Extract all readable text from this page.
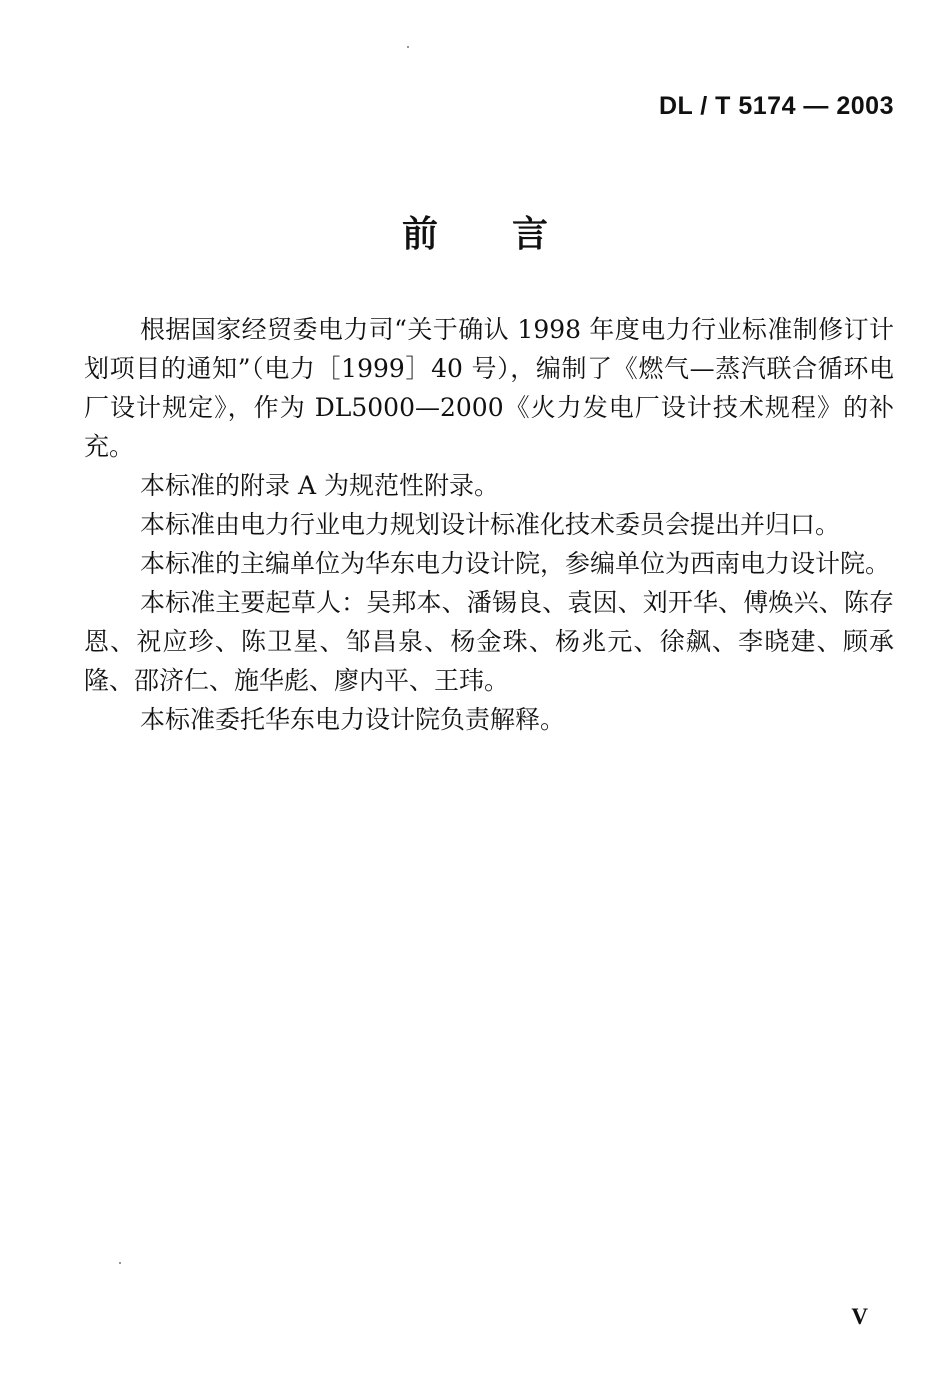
DL / T 5174 — 2003
前言

根据国家经贸委电力司“关于确认 1998 年度电力行业标准制修订计划项目的通知”（电力［1999］40 号），编制了《燃气—蒸汽联合循环电厂设计规定》，作为 DL5000—2000《火力发电厂设计技术规程》的补充。

本标准的附录 A 为规范性附录。

本标准由电力行业电力规划设计标准化技术委员会提出并归口。

本标准的主编单位为华东电力设计院，参编单位为西南电力设计院。

本标准主要起草人：吴邦本、潘锡良、袁因、刘开华、傅焕兴、陈存恩、祝应珍、陈卫星、邹昌泉、杨金珠、杨兆元、徐飙、李晓建、顾承隆、邵济仁、施华彪、廖内平、王玮。

本标准委托华东电力设计院负责解释。

V
